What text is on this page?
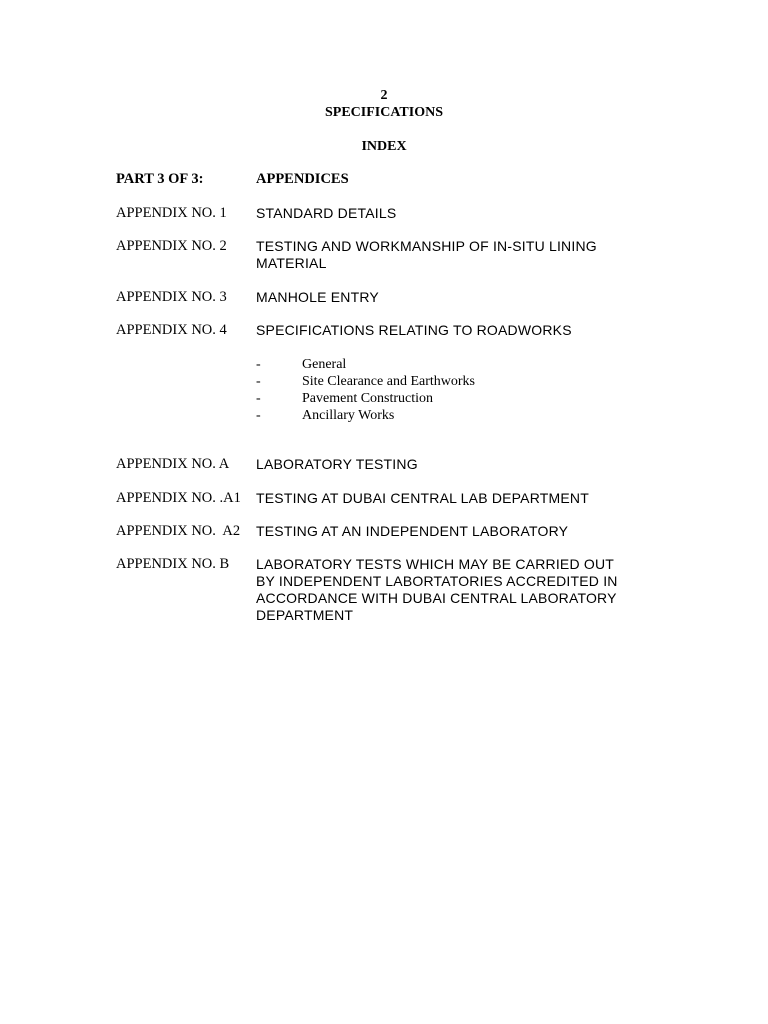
2
SPECIFICATIONS
INDEX
PART 3 OF 3:	APPENDICES
APPENDIX NO. 1 STANDARD DETAILS
APPENDIX NO. 2 TESTING AND WORKMANSHIP OF IN-SITU LINING
MATERIAL
APPENDIX NO. 3 MANHOLE ENTRY
APPENDIX NO. 4 SPECIFICATIONS RELATING TO ROADWORKS
-	General
-	Site Clearance and Earthworks
-	Pavement Construction
-	Ancillary Works
APPENDIX NO. A LABORATORY TESTING
APPENDIX NO. .A1 TESTING AT DUBAI CENTRAL LAB DEPARTMENT
APPENDIX NO.  A2 TESTING AT AN INDEPENDENT LABORATORY
APPENDIX NO. B LABORATORY TESTS WHICH MAY BE CARRIED OUT
BY INDEPENDENT LABORTATORIES ACCREDITED IN
ACCORDANCE WITH DUBAI CENTRAL LABORATORY
DEPARTMENT
